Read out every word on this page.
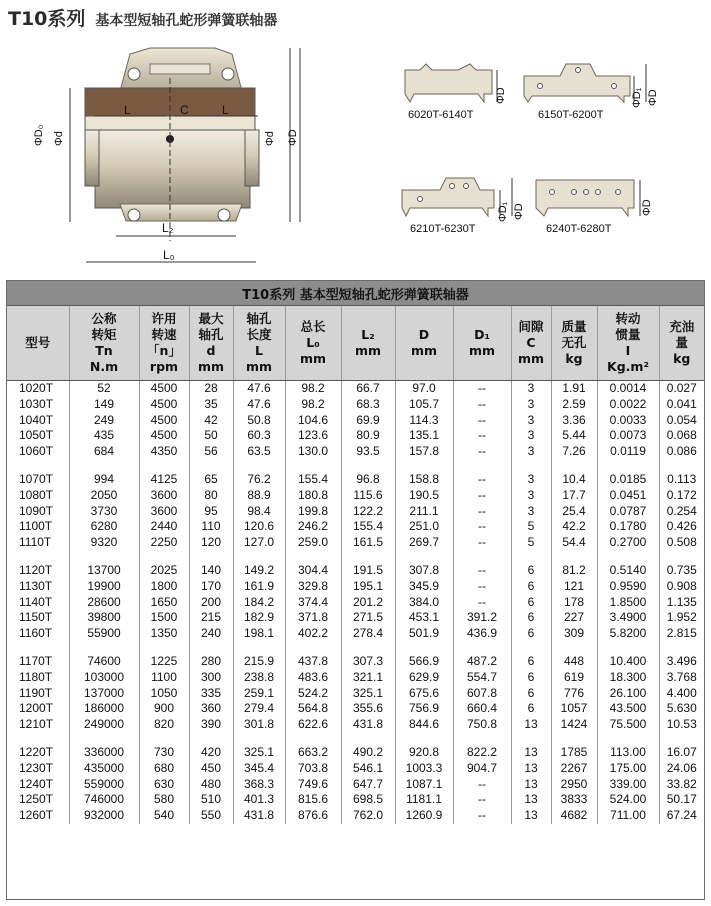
T10系列 基本型短轴孔蛇形弹簧联轴器
ΦD₀ Φd	Φd ΦD
L	C	L
L₂
L₀
6020T-6140T
ΦD
6150T-6200T
ΦD₁ ΦD
6210T-6230T
ΦD₁ ΦD
6240T-6280T
ΦD
T10系列 基本型短轴孔蛇形弹簧联轴器
型号	公称
转矩
Tn
N.m	许用
转速
「n」
rpm	最大
轴孔
d
mm	轴孔
长度
L
mm	总长
L₀
mm	L₂
mm	D
mm	D₁
mm	间隙
C
mm	质量
无孔
kg	转动
惯量
I
Kg.m²	充油
量
kg

1020T	52	4500	28	47.6	98.2	66.7	97.0	--	3	1.91	0.0014	0.027
1030T	149	4500	35	47.6	98.2	68.3	105.7	--	3	2.59	0.0022	0.041
1040T	249	4500	42	50.8	104.6	69.9	114.3	--	3	3.36	0.0033	0.054
1050T	435	4500	50	60.3	123.6	80.9	135.1	--	3	5.44	0.0073	0.068
1060T	684	4350	56	63.5	130.0	93.5	157.8	--	3	7.26	0.0119	0.086

1070T	994	4125	65	76.2	155.4	96.8	158.8	--	3	10.4	0.0185	0.113
1080T	2050	3600	80	88.9	180.8	115.6	190.5	--	3	17.7	0.0451	0.172
1090T	3730	3600	95	98.4	199.8	122.2	211.1	--	3	25.4	0.0787	0.254
1100T	6280	2440	110	120.6	246.2	155.4	251.0	--	5	42.2	0.1780	0.426
1110T	9320	2250	120	127.0	259.0	161.5	269.7	--	5	54.4	0.2700	0.508

1120T	13700	2025	140	149.2	304.4	191.5	307.8	--	6	81.2	0.5140	0.735
1130T	19900	1800	170	161.9	329.8	195.1	345.9	--	6	121	0.9590	0.908
1140T	28600	1650	200	184.2	374.4	201.2	384.0	--	6	178	1.8500	1.135
1150T	39800	1500	215	182.9	371.8	271.5	453.1	391.2	6	227	3.4900	1.952
1160T	55900	1350	240	198.1	402.2	278.4	501.9	436.9	6	309	5.8200	2.815

1170T	74600	1225	280	215.9	437.8	307.3	566.9	487.2	6	448	10.400	3.496
1180T	103000	1100	300	238.8	483.6	321.1	629.9	554.7	6	619	18.300	3.768
1190T	137000	1050	335	259.1	524.2	325.1	675.6	607.8	6	776	26.100	4.400
1200T	186000	900	360	279.4	564.8	355.6	756.9	660.4	6	1057	43.500	5.630
1210T	249000	820	390	301.8	622.6	431.8	844.6	750.8	13	1424	75.500	10.53

1220T	336000	730	420	325.1	663.2	490.2	920.8	822.2	13	1785	113.00	16.07
1230T	435000	680	450	345.4	703.8	546.1	1003.3	904.7	13	2267	175.00	24.06
1240T	559000	630	480	368.3	749.6	647.7	1087.1	--	13	2950	339.00	33.82
1250T	746000	580	510	401.3	815.6	698.5	1181.1	--	13	3833	524.00	50.17
1260T	932000	540	550	431.8	876.6	762.0	1260.9	--	13	4682	711.00	67.24
